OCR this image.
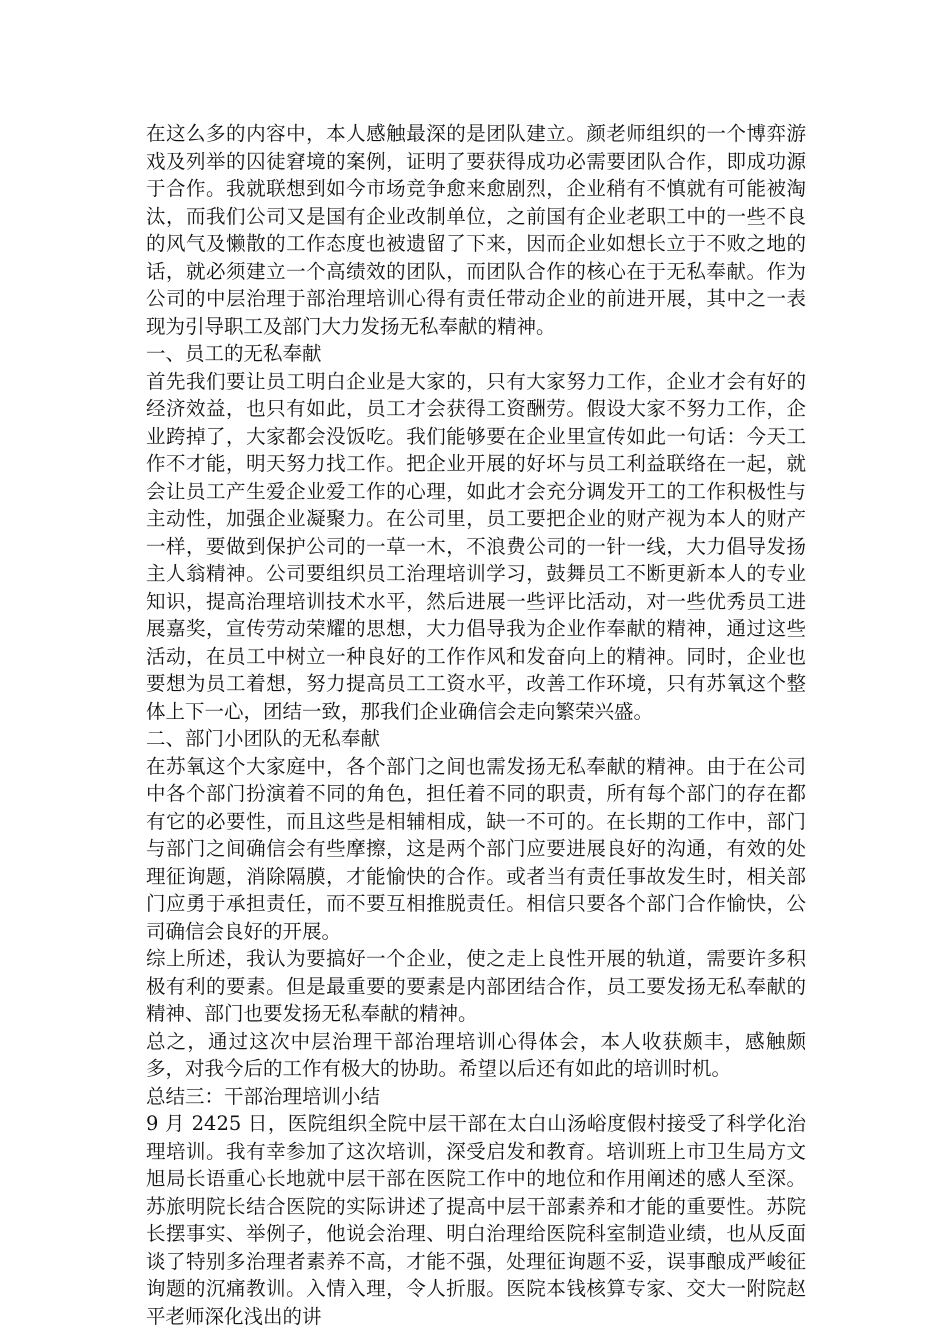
在这么多的内容中，本人感触最深的是团队建立。颜老师组织的一个博弈游戏及列举的囚徒窘境的案例，证明了要获得成功必需要团队合作，即成功源于合作。我就联想到如今市场竞争愈来愈剧烈，企业稍有不慎就有可能被淘汰，而我们公司又是国有企业改制单位，之前国有企业老职工中的一些不良的风气及懒散的工作态度也被遗留了下来，因而企业如想长立于不败之地的话，就必须建立一个高绩效的团队，而团队合作的核心在于无私奉献。作为公司的中层治理于部治理培训心得有责任带动企业的前进开展，其中之一表现为引导职工及部门大力发扬无私奉献的精神。

一、员工的无私奉献

首先我们要让员工明白企业是大家的，只有大家努力工作，企业才会有好的经济效益，也只有如此，员工才会获得工资酬劳。假设大家不努力工作，企业跨掉了，大家都会没饭吃。我们能够要在企业里宣传如此一句话：今天工作不才能，明天努力找工作。把企业开展的好坏与员工利益联络在一起，就会让员工产生爱企业爱工作的心理，如此才会充分调发开工的工作积极性与主动性，加强企业凝聚力。在公司里，员工要把企业的财产视为本人的财产一样，要做到保护公司的一草一木，不浪费公司的一针一线，大力倡导发扬主人翁精神。公司要组织员工治理培训学习，鼓舞员工不断更新本人的专业知识，提高治理培训技术水平，然后进展一些评比活动，对一些优秀员工进展嘉奖，宣传劳动荣耀的思想，大力倡导我为企业作奉献的精神，通过这些活动，在员工中树立一种良好的工作作风和发奋向上的精神。同时，企业也要想为员工着想，努力提高员工工资水平，改善工作环境，只有苏氧这个整体上下一心，团结一致，那我们企业确信会走向繁荣兴盛。

二、部门小团队的无私奉献

在苏氧这个大家庭中，各个部门之间也需发扬无私奉献的精神。由于在公司中各个部门扮演着不同的角色，担任着不同的职责，所有每个部门的存在都有它的必要性，而且这些是相辅相成，缺一不可的。在长期的工作中，部门与部门之间确信会有些摩擦，这是两个部门应要进展良好的沟通，有效的处理征询题，消除隔膜，才能愉快的合作。或者当有责任事故发生时，相关部门应勇于承担责任，而不要互相推脱责任。相信只要各个部门合作愉快，公司确信会良好的开展。

综上所述，我认为要搞好一个企业，使之走上良性开展的轨道，需要许多积极有利的要素。但是最重要的要素是内部团结合作，员工要发扬无私奉献的精神、部门也要发扬无私奉献的精神。

总之，通过这次中层治理干部治理培训心得体会，本人收获颇丰，感触颇多，对我今后的工作有极大的协助。希望以后还有如此的培训时机。

总结三：干部治理培训小结

9 月 2425 日，医院组织全院中层干部在太白山汤峪度假村接受了科学化治理培训。我有幸参加了这次培训，深受启发和教育。培训班上市卫生局方文旭局长语重心长地就中层干部在医院工作中的地位和作用阐述的感人至深。苏旅明院长结合医院的实际讲述了提高中层干部素养和才能的重要性。苏院长摆事实、举例子，他说会治理、明白治理给医院科室制造业绩，也从反面谈了特别多治理者素养不高，才能不强，处理征询题不妥，误事酿成严峻征询题的沉痛教训。入情入理，令人折服。医院本钱核算专家、交大一附院赵平老师深化浅出的讲
